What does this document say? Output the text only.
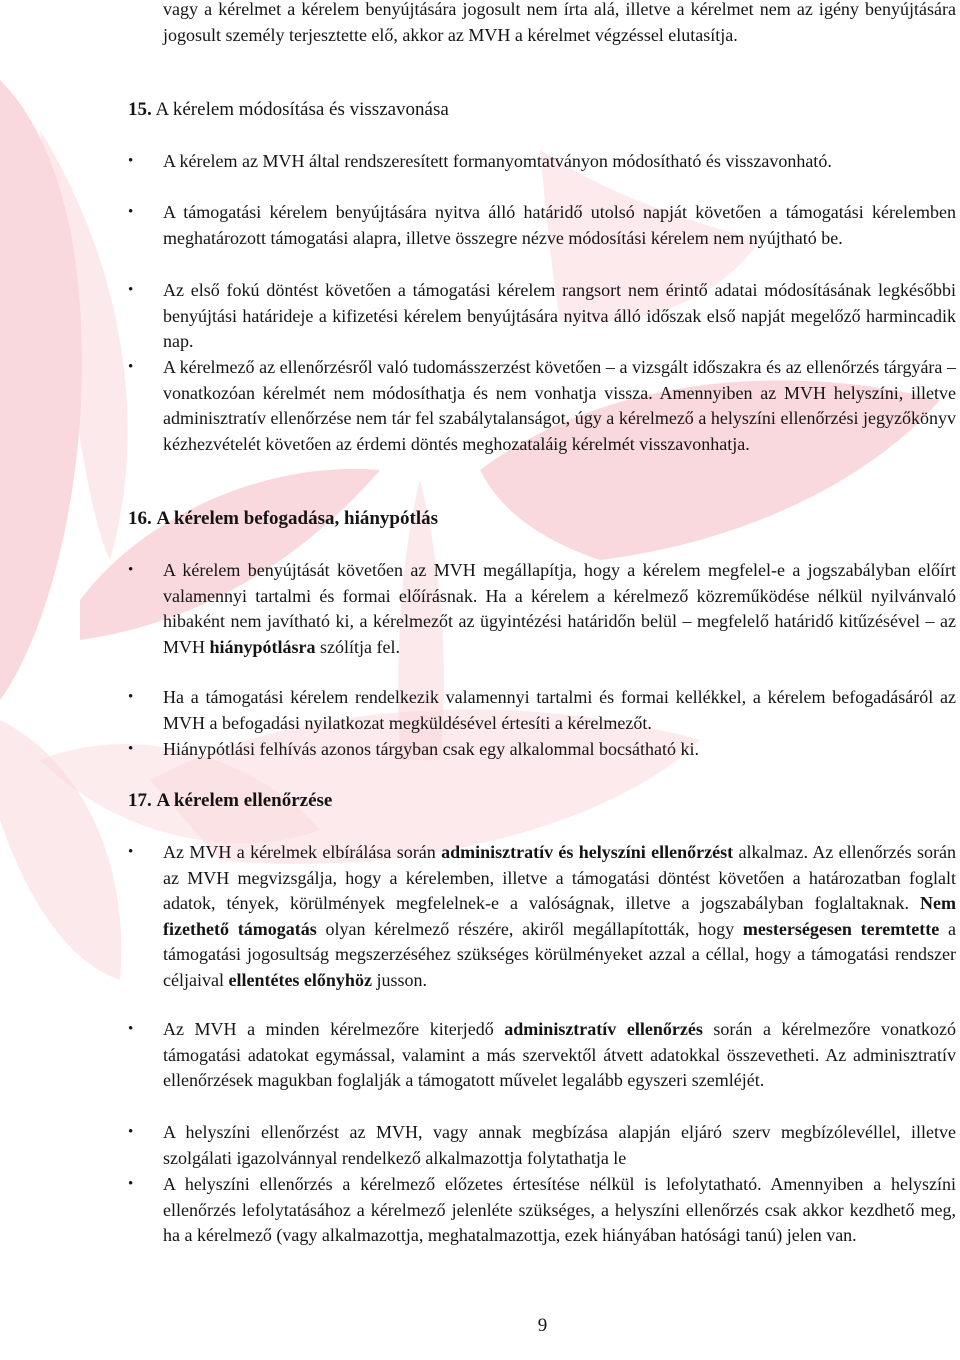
vagy a kérelmet a kérelem benyújtására jogosult nem írta alá, illetve a kérelmet nem az igény benyújtására jogosult személy terjesztette elő, akkor az MVH a kérelmet végzéssel elutasítja.

15. A kérelem módosítása és visszavonása
• A kérelem az MVH által rendszeresített formanyomtatványon módosítható és visszavonható.

• A támogatási kérelem benyújtására nyitva álló határidő utolsó napját követően a támogatási kérelemben meghatározott támogatási alapra, illetve összegre nézve módosítási kérelem nem nyújtható be.

• Az első fokú döntést követően a támogatási kérelem rangsort nem érintő adatai módosításának legkésőbbi benyújtási határideje a kifizetési kérelem benyújtására nyitva álló időszak első napját megelőző harmincadik nap.

• A kérelmező az ellenőrzésről való tudomásszerzést követően – a vizsgált időszakra és az ellenőrzés tárgyára – vonatkozóan kérelmét nem módosíthatja és nem vonhatja vissza. Amennyiben az MVH helyszíni, illetve adminisztratív ellenőrzése nem tár fel szabálytalanságot, úgy a kérelmező a helyszíni ellenőrzési jegyzőkönyv kézhezvételét követően az érdemi döntés meghozataláig kérelmét visszavonhatja.

16. A kérelem befogadása, hiánypótlás
• A kérelem benyújtását követően az MVH megállapítja, hogy a kérelem megfelel-e a jogszabályban előírt valamennyi tartalmi és formai előírásnak. Ha a kérelem a kérelmező közreműködése nélkül nyilvánvaló hibaként nem javítható ki, a kérelmezőt az ügyintézési határidőn belül – megfelelő határidő kitűzésével – az MVH hiánypótlásra szólítja fel.

• Ha a támogatási kérelem rendelkezik valamennyi tartalmi és formai kellékkel, a kérelem befogadásáról az MVH a befogadási nyilatkozat megküldésével értesíti a kérelmezőt.

• Hiánypótlási felhívás azonos tárgyban csak egy alkalommal bocsátható ki.

17. A kérelem ellenőrzése
• Az MVH a kérelmek elbírálása során adminisztratív és helyszíni ellenőrzést alkalmaz. Az ellenőrzés során az MVH megvizsgálja, hogy a kérelemben, illetve a támogatási döntést követően a határozatban foglalt adatok, tények, körülmények megfelelnek-e a valóságnak, illetve a jogszabályban foglaltaknak. Nem fizethető támogatás olyan kérelmező részére, akiről megállapították, hogy mesterségesen teremtette a támogatási jogosultság megszerzéséhez szükséges körülményeket azzal a céllal, hogy a támogatási rendszer céljaival ellentétes előnyhöz jusson.

• Az MVH a minden kérelmezőre kiterjedő adminisztratív ellenőrzés során a kérelmezőre vonatkozó támogatási adatokat egymással, valamint a más szervektől átvett adatokkal összevetheti. Az adminisztratív ellenőrzések magukban foglalják a támogatott művelet legalább egyszeri szemléjét.

• A helyszíni ellenőrzést az MVH, vagy annak megbízása alapján eljáró szerv megbízólevéllel, illetve szolgálati igazolvánnyal rendelkező alkalmazottja folytathatja le

• A helyszíni ellenőrzés a kérelmező előzetes értesítése nélkül is lefolytatható. Amennyiben a helyszíni ellenőrzés lefolytatásához a kérelmező jelenléte szükséges, a helyszíni ellenőrzés csak akkor kezdhető meg, ha a kérelmező (vagy alkalmazottja, meghatalmazottja, ezek hiányában hatósági tanú) jelen van.

9
